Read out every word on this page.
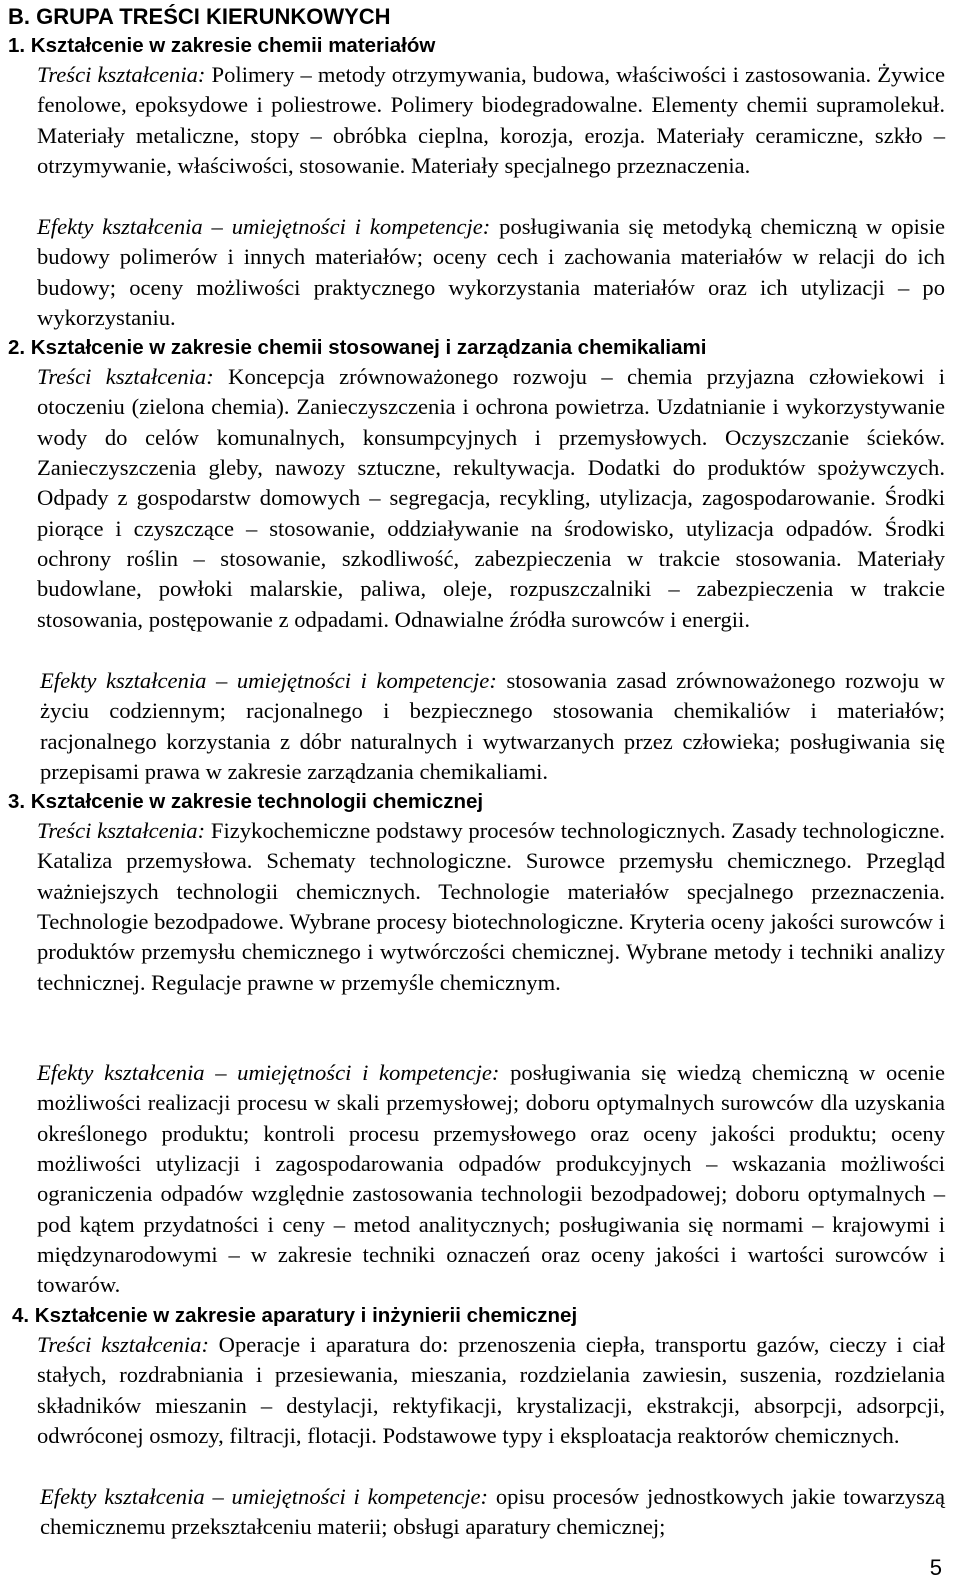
B. GRUPA TREŚCI KIERUNKOWYCH
1. Kształcenie w zakresie chemii materiałów

Treści kształcenia: Polimery – metody otrzymywania, budowa, właściwości i zastosowania. Żywice fenolowe, epoksydowe i poliestrowe. Polimery biodegradowalne. Elementy chemii supramolekuł. Materiały metaliczne, stopy – obróbka cieplna, korozja, erozja. Materiały ceramiczne, szkło – otrzymywanie, właściwości, stosowanie. Materiały specjalnego przeznaczenia.

Efekty kształcenia – umiejętności i kompetencje: posługiwania się metodyką chemiczną w opisie budowy polimerów i innych materiałów; oceny cech i zachowania materiałów w relacji do ich budowy; oceny możliwości praktycznego wykorzystania materiałów oraz ich utylizacji – po wykorzystaniu.

2. Kształcenie w zakresie chemii stosowanej i zarządzania chemikaliami

Treści kształcenia: Koncepcja zrównoważonego rozwoju – chemia przyjazna człowiekowi i otoczeniu (zielona chemia). Zanieczyszczenia i ochrona powietrza. Uzdatnianie i wykorzystywanie wody do celów komunalnych, konsumpcyjnych i przemysłowych. Oczyszczanie ścieków. Zanieczyszczenia gleby, nawozy sztuczne, rekultywacja. Dodatki do produktów spożywczych. Odpady z gospodarstw domowych – segregacja, recykling, utylizacja, zagospodarowanie. Środki piorące i czyszczące – stosowanie, oddziaływanie na środowisko, utylizacja odpadów. Środki ochrony roślin – stosowanie, szkodliwość, zabezpieczenia w trakcie stosowania. Materiały budowlane, powłoki malarskie, paliwa, oleje, rozpuszczalniki – zabezpieczenia w trakcie stosowania, postępowanie z odpadami. Odnawialne źródła surowców i energii.

Efekty kształcenia – umiejętności i kompetencje: stosowania zasad zrównoważonego rozwoju w życiu codziennym; racjonalnego i bezpiecznego stosowania chemikaliów i materiałów; racjonalnego korzystania z dóbr naturalnych i wytwarzanych przez człowieka; posługiwania się przepisami prawa w zakresie zarządzania chemikaliami.

3. Kształcenie w zakresie technologii chemicznej

Treści kształcenia: Fizykochemiczne podstawy procesów technologicznych. Zasady technologiczne. Kataliza przemysłowa. Schematy technologiczne. Surowce przemysłu chemicznego. Przegląd ważniejszych technologii chemicznych. Technologie materiałów specjalnego przeznaczenia. Technologie bezodpadowe. Wybrane procesy biotechnologiczne. Kryteria oceny jakości surowców i produktów przemysłu chemicznego i wytwórczości chemicznej. Wybrane metody i techniki analizy technicznej. Regulacje prawne w przemyśle chemicznym.

Efekty kształcenia – umiejętności i kompetencje: posługiwania się wiedzą chemiczną w ocenie możliwości realizacji procesu w skali przemysłowej; doboru optymalnych surowców dla uzyskania określonego produktu; kontroli procesu przemysłowego oraz oceny jakości produktu; oceny możliwości utylizacji i zagospodarowania odpadów produkcyjnych – wskazania możliwości ograniczenia odpadów względnie zastosowania technologii bezodpadowej; doboru optymalnych – pod kątem przydatności i ceny – metod analitycznych; posługiwania się normami – krajowymi i międzynarodowymi – w zakresie techniki oznaczeń oraz oceny jakości i wartości surowców i towarów.

4. Kształcenie w zakresie aparatury i inżynierii chemicznej

Treści kształcenia: Operacje i aparatura do: przenoszenia ciepła, transportu gazów, cieczy i ciał stałych, rozdrabniania i przesiewania, mieszania, rozdzielania zawiesin, suszenia, rozdzielania składników mieszanin – destylacji, rektyfikacji, krystalizacji, ekstrakcji, absorpcji, adsorpcji, odwróconej osmozy, filtracji, flotacji. Podstawowe typy i eksploatacja reaktorów chemicznych.

Efekty kształcenia – umiejętności i kompetencje: opisu procesów jednostkowych jakie towarzyszą chemicznemu przekształceniu materii; obsługi aparatury chemicznej;

5
